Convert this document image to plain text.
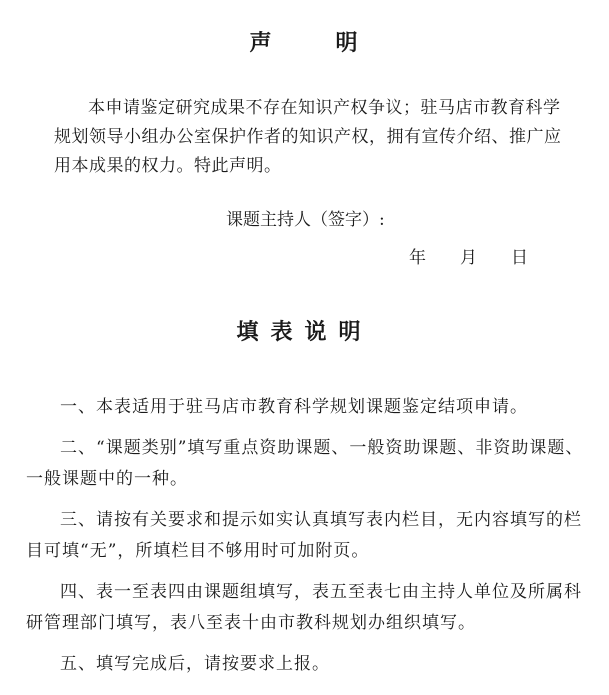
声	明

本申请鉴定研究成果不存在知识产权争议；驻马店市教育科学规划领导小组办公室保护作者的知识产权，拥有宣传介绍、推广应用本成果的权力。特此声明。

课题主持人（签字）:
年 月 日
填表说明

一、本表适用于驻马店市教育科学规划课题鉴定结项申请。

二、“课题类别”填写重点资助课题、一般资助课题、非资助课题、一般课题中的一种。

三、请按有关要求和提示如实认真填写表内栏目，无内容填写的栏目可填“无”，所填栏目不够用时可加附页。

四、表一至表四由课题组填写，表五至表七由主持人单位及所属科研管理部门填写，表八至表十由市教科规划办组织填写。

五、填写完成后，请按要求上报。
